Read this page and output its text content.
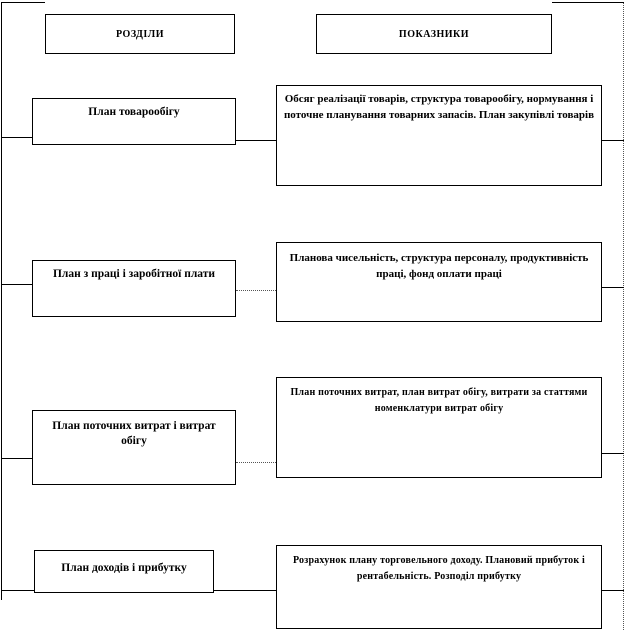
РОЗДІЛИ	ПОКАЗНИКИ
План товарообігу
Обсяг реалізації товарів, структура товарообігу, нормування і поточне планування товарних запасів. План закупівлі товарів
План з праці і заробітної плати
Планова чисельність, структура персоналу, продуктивність праці, фонд оплати праці
План поточних витрат і витрат обігу
План поточних витрат, план витрат обігу, витрати за статтями номенклатури витрат обігу
План доходів і прибутку
Розрахунок плану торговельного доходу. Плановий прибуток і рентабельність. Розподіл прибутку
